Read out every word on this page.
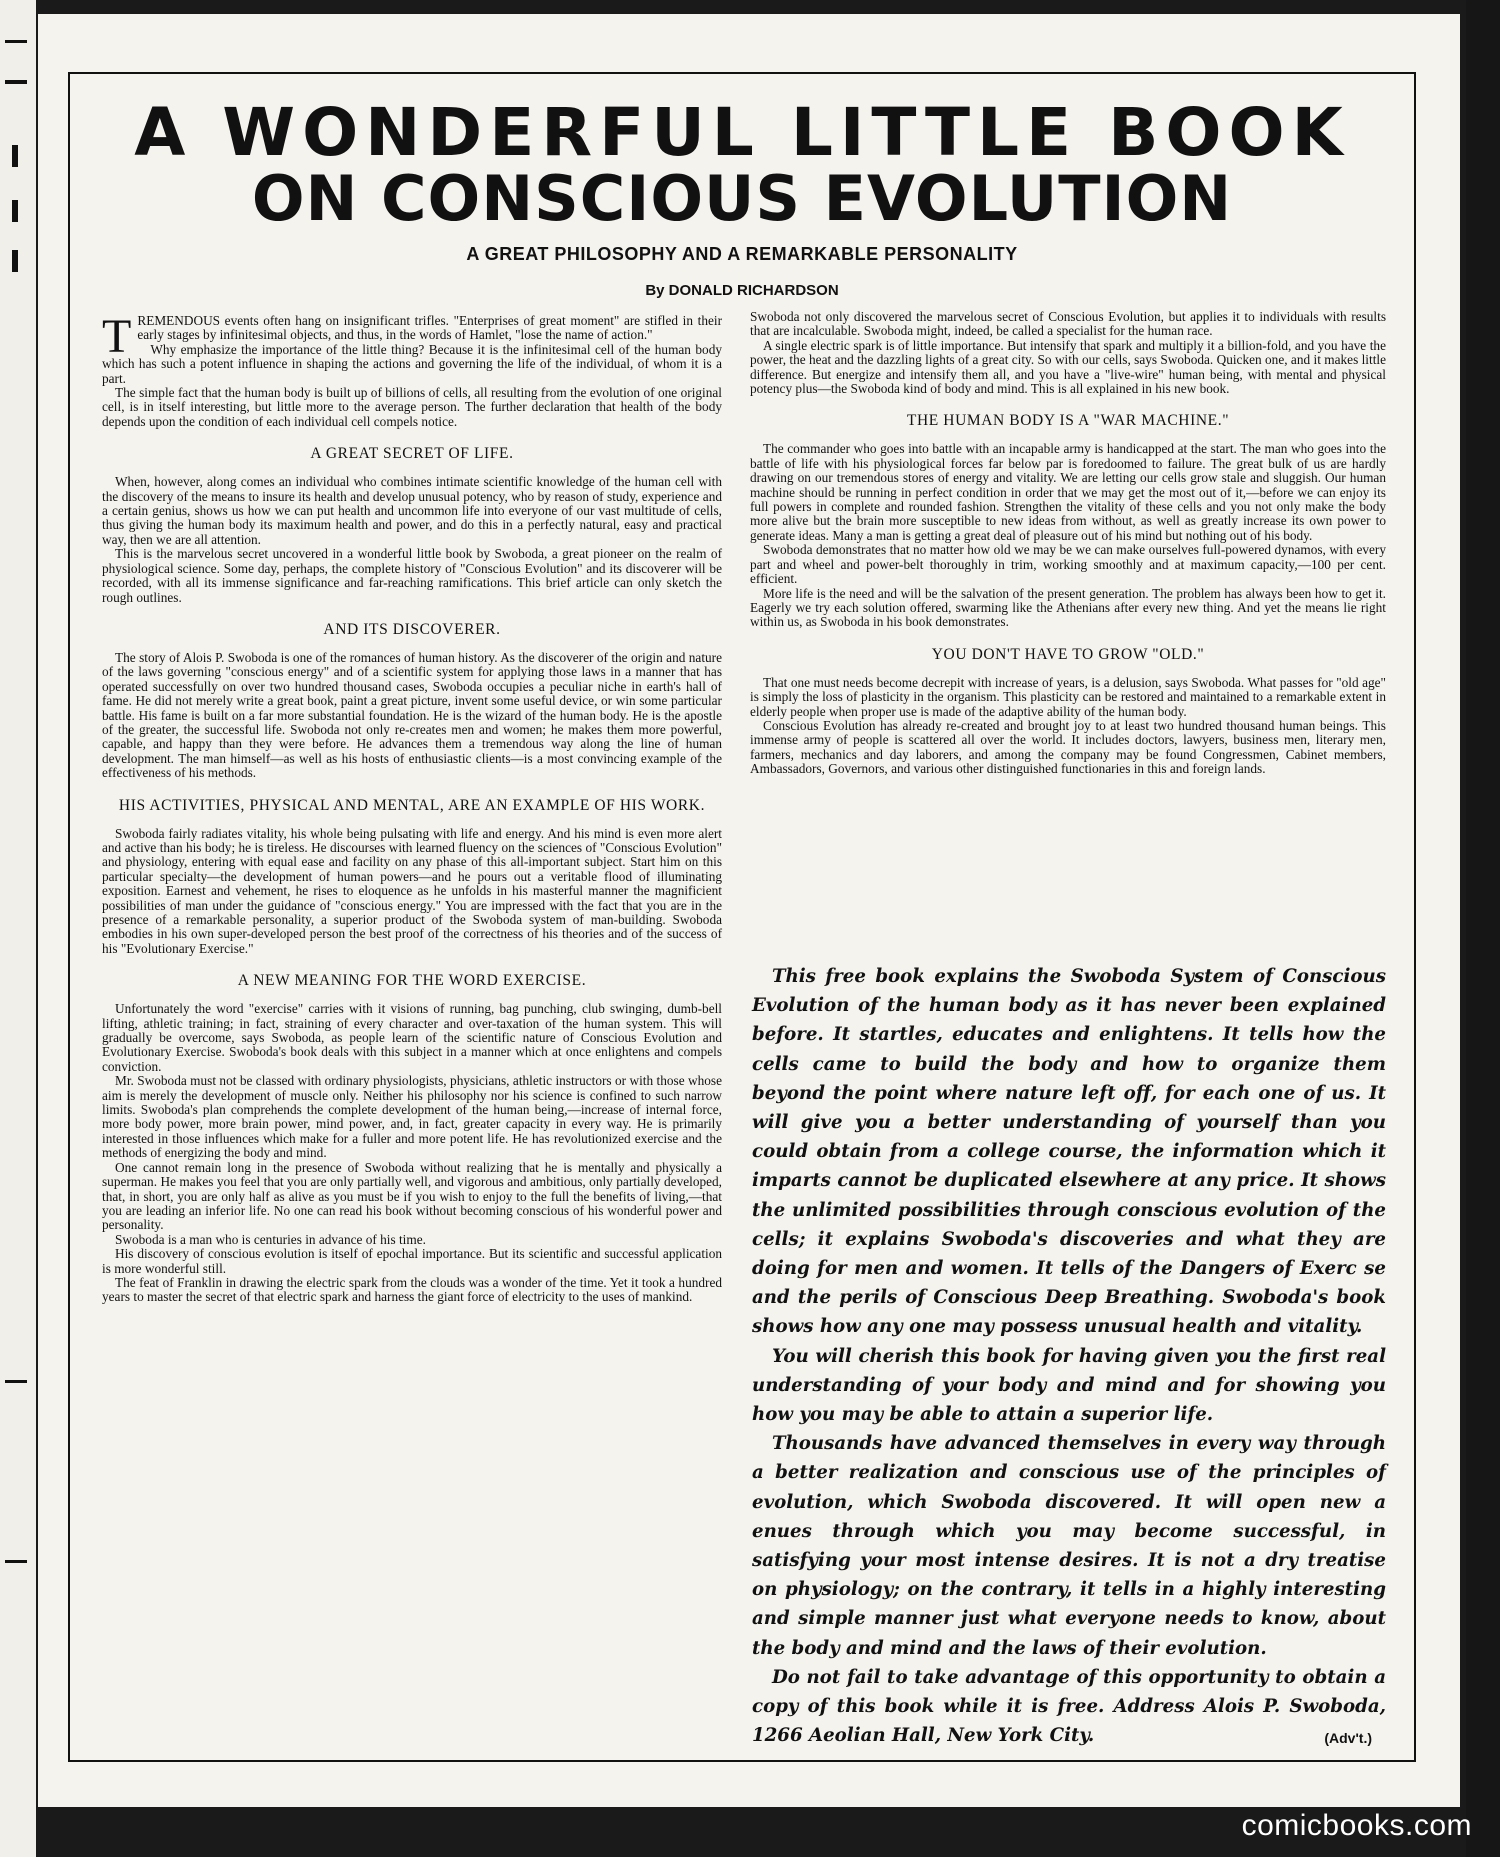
A WONDERFUL LITTLE BOOK
ON CONSCIOUS EVOLUTION
A GREAT PHILOSOPHY AND A REMARKABLE PERSONALITY
By DONALD RICHARDSON

TREMENDOUS events often hang on insignificant trifles. "Enterprises of great moment" are stifled in their early stages by infinitesimal objects, and thus, in the words of Hamlet, "lose the name of action."

Why emphasize the importance of the little thing? Because it is the infinitesimal cell of the human body which has such a potent influence in shaping the actions and governing the life of the individual, of whom it is a part.

The simple fact that the human body is built up of billions of cells, all resulting from the evolution of one original cell, is in itself interesting, but little more to the average person. The further declaration that health of the body depends upon the condition of each individual cell compels notice.

A GREAT SECRET OF LIFE.

When, however, along comes an individual who combines intimate scientific knowledge of the human cell with the discovery of the means to insure its health and develop unusual potency, who by reason of study, experience and a certain genius, shows us how we can put health and uncommon life into everyone of our vast multitude of cells, thus giving the human body its maximum health and power, and do this in a perfectly natural, easy and practical way, then we are all attention.

This is the marvelous secret uncovered in a wonderful little book by Swoboda, a great pioneer on the realm of physiological science. Some day, perhaps, the complete history of "Conscious Evolution" and its discoverer will be recorded, with all its immense significance and far-reaching ramifications. This brief article can only sketch the rough outlines.

AND ITS DISCOVERER.

The story of Alois P. Swoboda is one of the romances of human history. As the discoverer of the origin and nature of the laws governing "conscious energy" and of a scientific system for applying those laws in a manner that has operated successfully on over two hundred thousand cases, Swoboda occupies a peculiar niche in earth's hall of fame. He did not merely write a great book, paint a great picture, invent some useful device, or win some particular battle. His fame is built on a far more substantial foundation. He is the wizard of the human body. He is the apostle of the greater, the successful life. Swoboda not only re-creates men and women; he makes them more powerful, capable, and happy than they were before. He advances them a tremendous way along the line of human development. The man himself—as well as his hosts of enthusiastic clients—is a most convincing example of the effectiveness of his methods.

HIS ACTIVITIES, PHYSICAL AND MENTAL, ARE AN EXAMPLE OF HIS WORK.

Swoboda fairly radiates vitality, his whole being pulsating with life and energy. And his mind is even more alert and active than his body; he is tireless. He discourses with learned fluency on the sciences of "Conscious Evolution" and physiology, entering with equal ease and facility on any phase of this all-important subject. Start him on this particular specialty—the development of human powers—and he pours out a veritable flood of illuminating exposition. Earnest and vehement, he rises to eloquence as he unfolds in his masterful manner the magnificient possibilities of man under the guidance of "conscious energy." You are impressed with the fact that you are in the presence of a remarkable personality, a superior product of the Swoboda system of man-building. Swoboda embodies in his own super-developed person the best proof of the correctness of his theories and of the success of his "Evolutionary Exercise."

A NEW MEANING FOR THE WORD EXERCISE.

Unfortunately the word "exercise" carries with it visions of running, bag punching, club swinging, dumb-bell lifting, athletic training; in fact, straining of every character and over-taxation of the human system. This will gradually be overcome, says Swoboda, as people learn of the scientific nature of Conscious Evolution and Evolutionary Exercise. Swoboda's book deals with this subject in a manner which at once enlightens and compels conviction.

Mr. Swoboda must not be classed with ordinary physiologists, physicians, athletic instructors or with those whose aim is merely the development of muscle only. Neither his philosophy nor his science is confined to such narrow limits. Swoboda's plan comprehends the complete development of the human being,—increase of internal force, more body power, more brain power, mind power, and, in fact, greater capacity in every way. He is primarily interested in those influences which make for a fuller and more potent life. He has revolutionized exercise and the methods of energizing the body and mind.

One cannot remain long in the presence of Swoboda without realizing that he is mentally and physically a superman. He makes you feel that you are only partially well, and vigorous and ambitious, only partially developed, that, in short, you are only half as alive as you must be if you wish to enjoy to the full the benefits of living,—that you are leading an inferior life. No one can read his book without becoming conscious of his wonderful power and personality.

Swoboda is a man who is centuries in advance of his time.

His discovery of conscious evolution is itself of epochal importance. But its scientific and successful application is more wonderful still.

The feat of Franklin in drawing the electric spark from the clouds was a wonder of the time. Yet it took a hundred years to master the secret of that electric spark and harness the giant force of electricity to the uses of mankind.

Swoboda not only discovered the marvelous secret of Conscious Evolution, but applies it to individuals with results that are incalculable. Swoboda might, indeed, be called a specialist for the human race.

A single electric spark is of little importance. But intensify that spark and multiply it a billion-fold, and you have the power, the heat and the dazzling lights of a great city. So with our cells, says Swoboda. Quicken one, and it makes little difference. But energize and intensify them all, and you have a "live-wire" human being, with mental and physical potency plus—the Swoboda kind of body and mind. This is all explained in his new book.

THE HUMAN BODY IS A "WAR MACHINE."

The commander who goes into battle with an incapable army is handicapped at the start. The man who goes into the battle of life with his physiological forces far below par is foredoomed to failure. The great bulk of us are hardly drawing on our tremendous stores of energy and vitality. We are letting our cells grow stale and sluggish. Our human machine should be running in perfect condition in order that we may get the most out of it,—before we can enjoy its full powers in complete and rounded fashion. Strengthen the vitality of these cells and you not only make the body more alive but the brain more susceptible to new ideas from without, as well as greatly increase its own power to generate ideas. Many a man is getting a great deal of pleasure out of his mind but nothing out of his body.

Swoboda demonstrates that no matter how old we may be we can make ourselves full-powered dynamos, with every part and wheel and power-belt thoroughly in trim, working smoothly and at maximum capacity,—100 per cent. efficient.

More life is the need and will be the salvation of the present generation. The problem has always been how to get it. Eagerly we try each solution offered, swarming like the Athenians after every new thing. And yet the means lie right within us, as Swoboda in his book demonstrates.

YOU DON'T HAVE TO GROW "OLD."

That one must needs become decrepit with increase of years, is a delusion, says Swoboda. What passes for "old age" is simply the loss of plasticity in the organism. This plasticity can be restored and maintained to a remarkable extent in elderly people when proper use is made of the adaptive ability of the human body.

Conscious Evolution has already re-created and brought joy to at least two hundred thousand human beings. This immense army of people is scattered all over the world. It includes doctors, lawyers, business men, literary men, farmers, mechanics and day laborers, and among the company may be found Congressmen, Cabinet members, Ambassadors, Governors, and various other distinguished functionaries in this and foreign lands.

This free book explains the Swoboda System of Conscious Evolution of the human body as it has never been explained before. It startles, educates and enlightens. It tells how the cells came to build the body and how to organize them beyond the point where nature left off, for each one of us. It will give you a better understanding of yourself than you could obtain from a college course, the information which it imparts cannot be duplicated elsewhere at any price. It shows the unlimited possibilities through conscious evolution of the cells; it explains Swoboda's discoveries and what they are doing for men and women. It tells of the Dangers of Exerc se and the perils of Conscious Deep Breathing. Swoboda's book shows how any one may possess unusual health and vitality.

You will cherish this book for having given you the first real understanding of your body and mind and for showing you how you may be able to attain a superior life.

Thousands have advanced themselves in every way through a better realization and conscious use of the principles of evolution, which Swoboda discovered. It will open new a enues through which you may become successful, in satisfying your most intense desires. It is not a dry treatise on physiology; on the contrary, it tells in a highly interesting and simple manner just what everyone needs to know, about the body and mind and the laws of their evolution.

Do not fail to take advantage of this opportunity to obtain a copy of this book while it is free. Address Alois P. Swoboda, 1266 Aeolian Hall, New York City.	(Adv't.)
comicbooks.com
